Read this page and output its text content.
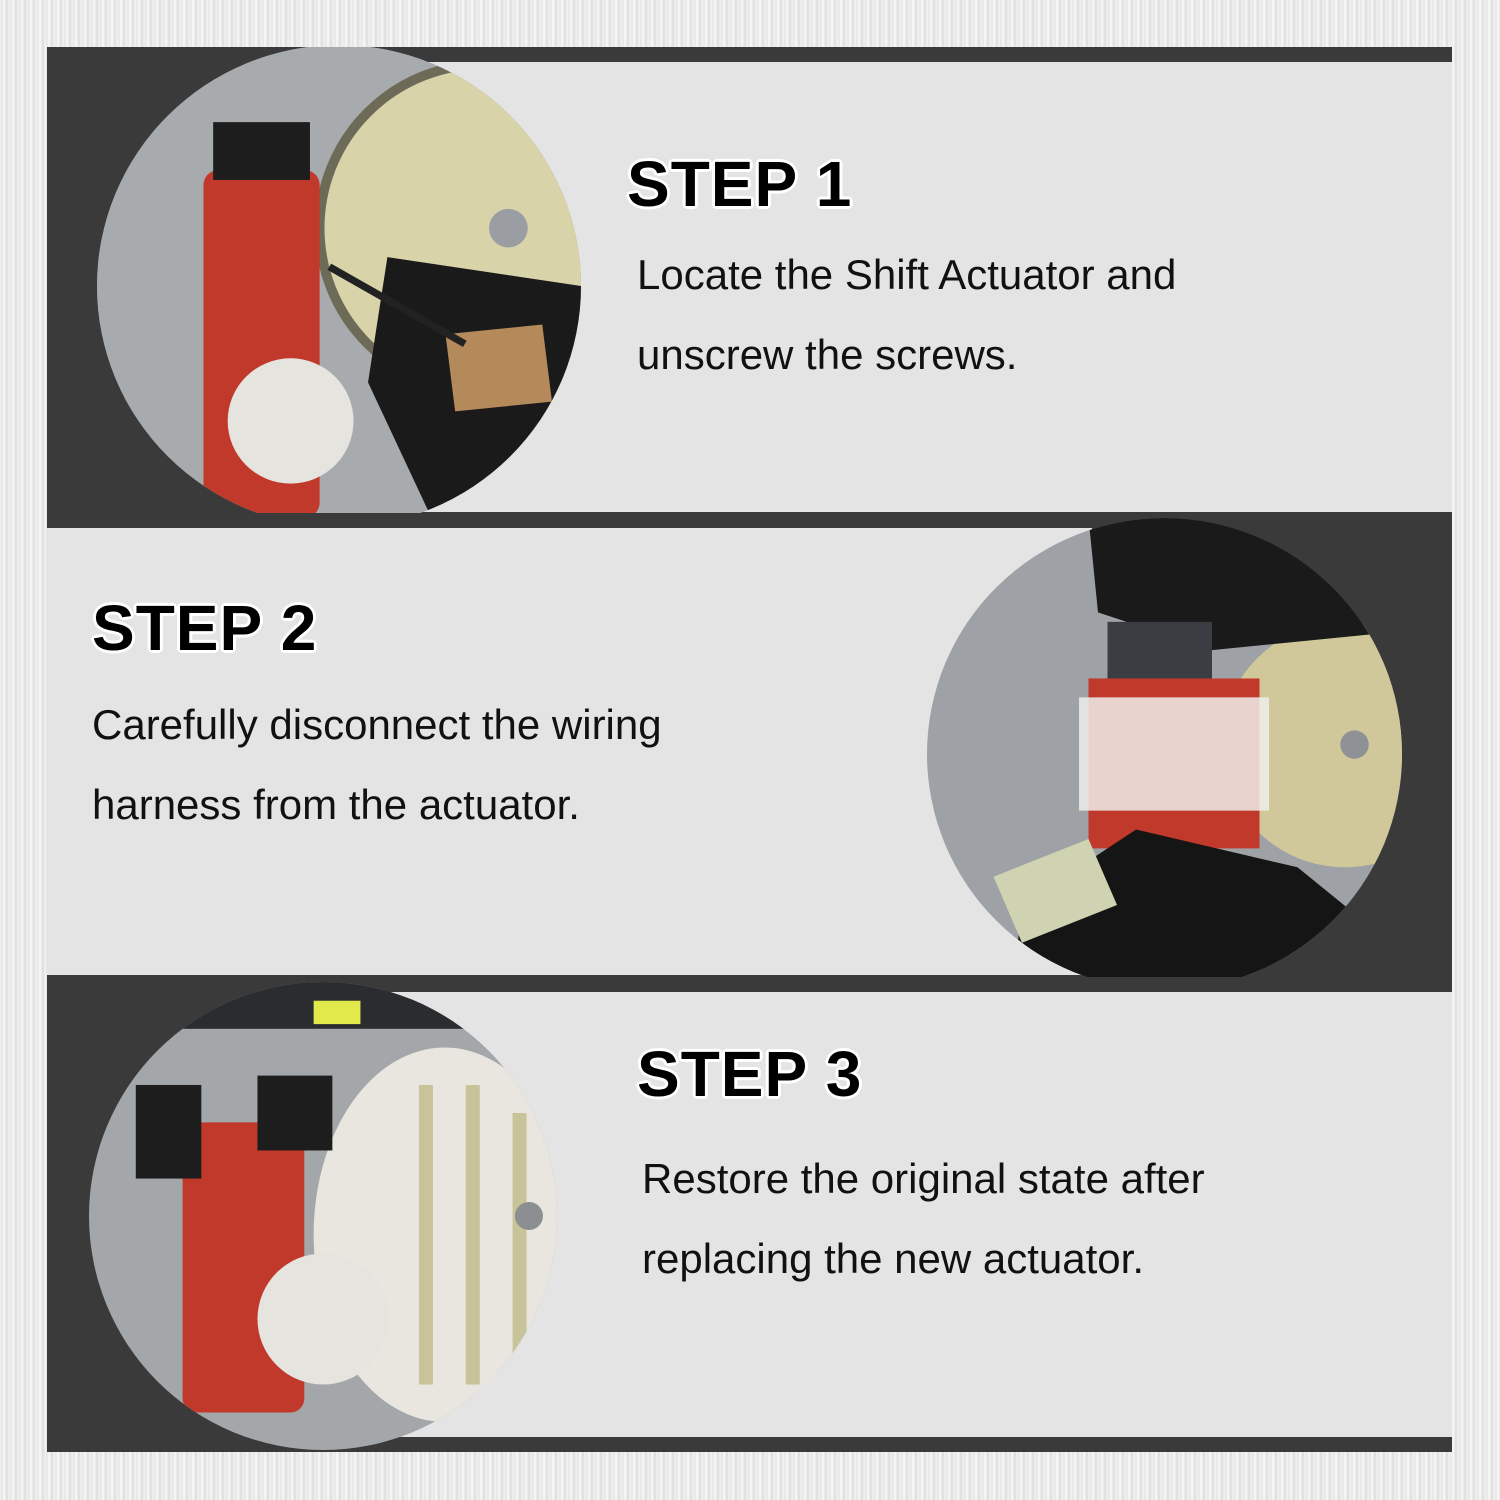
STEP 1

Locate the Shift Actuator and
unscrew the screws.

STEP 2

Carefully disconnect the wiring
harness from the actuator.

STEP 3

Restore the original state after
replacing the new actuator.
